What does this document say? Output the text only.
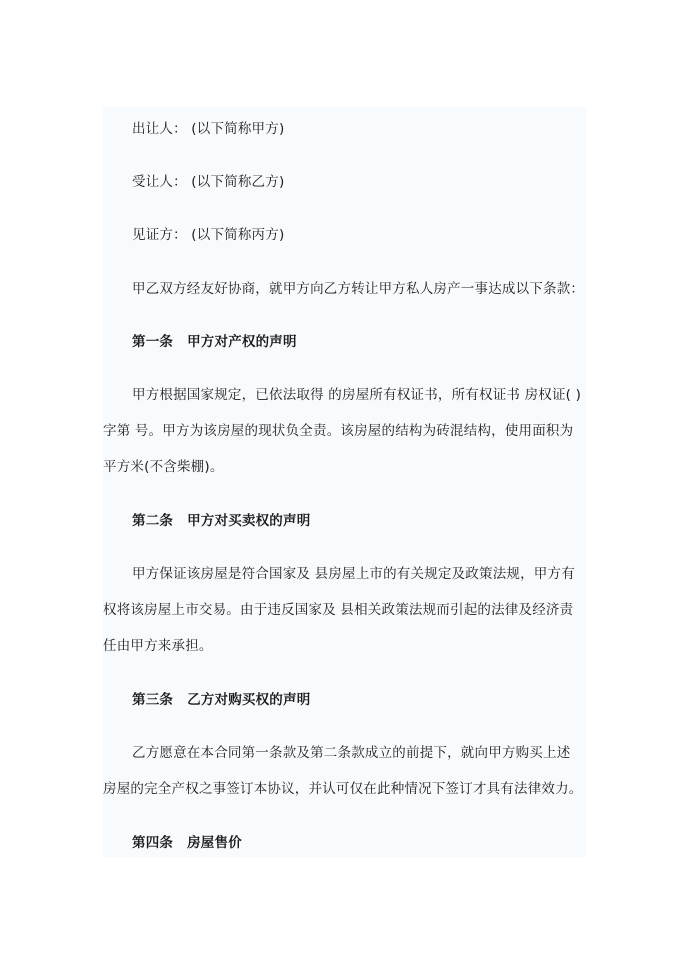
出让人： (以下简称甲方)
受让人： (以下简称乙方)
见证方： (以下简称丙方)
甲乙双方经友好协商，就甲方向乙方转让甲方私人房产一事达成以下条款：
第一条 甲方对产权的声明
甲方根据国家规定，已依法取得 的房屋所有权证书，所有权证书 房权证( )
字第 号。甲方为该房屋的现状负全责。该房屋的结构为砖混结构，使用面积为
平方米(不含柴棚)。
第二条 甲方对买卖权的声明
甲方保证该房屋是符合国家及 县房屋上市的有关规定及政策法规，甲方有
权将该房屋上市交易。由于违反国家及 县相关政策法规而引起的法律及经济责
任由甲方来承担。
第三条 乙方对购买权的声明
乙方愿意在本合同第一条款及第二条款成立的前提下，就向甲方购买上述
房屋的完全产权之事签订本协议，并认可仅在此种情况下签订才具有法律效力。
第四条 房屋售价
